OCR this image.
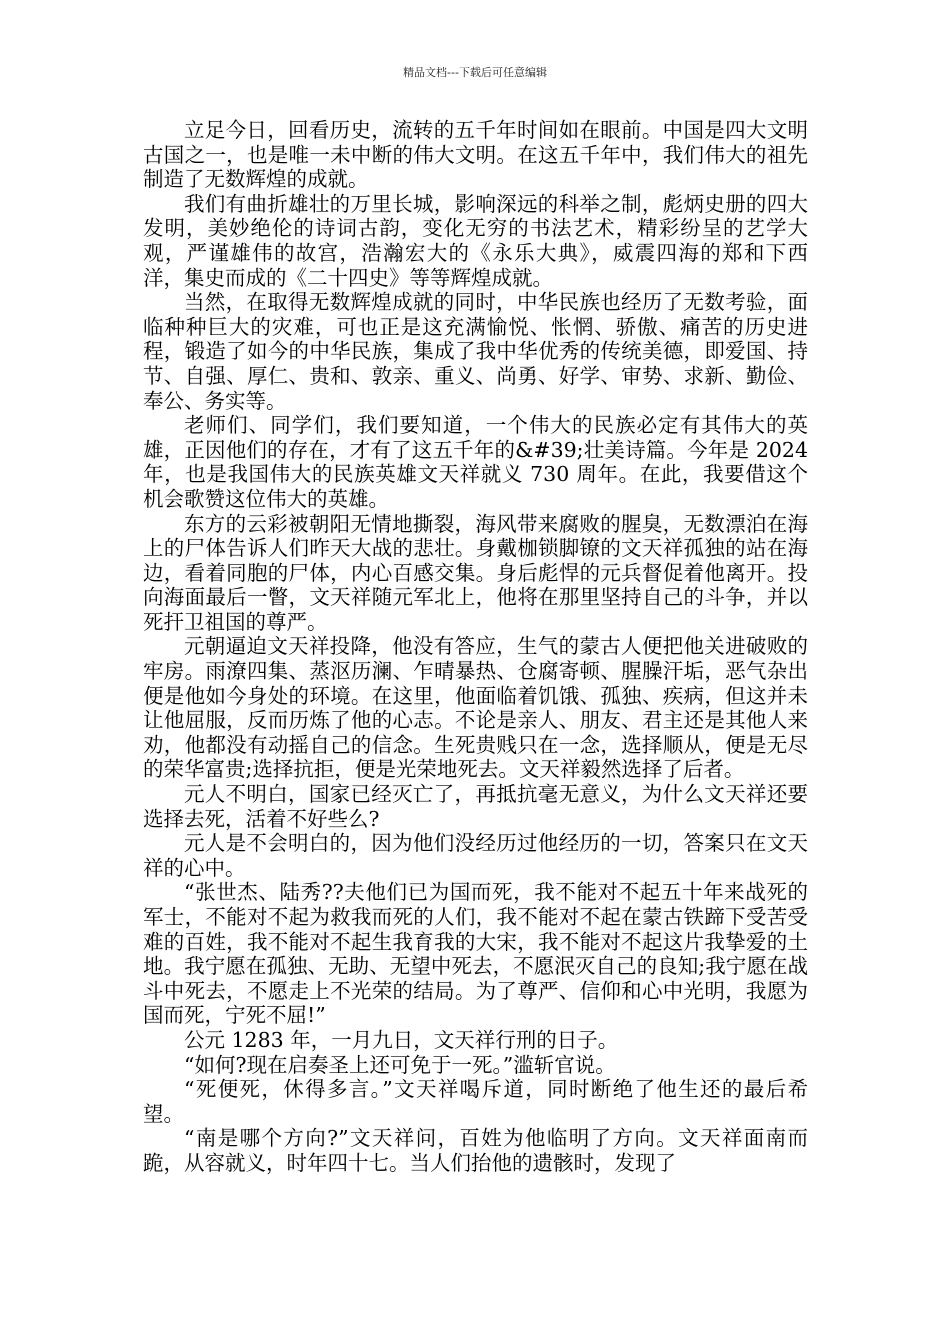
精品文档---下载后可任意编辑

立足今日，回看历史，流转的五千年时间如在眼前。中国是四大文明古国之一，也是唯一未中断的伟大文明。在这五千年中，我们伟大的祖先制造了无数辉煌的成就。

我们有曲折雄壮的万里长城，影响深远的科举之制，彪炳史册的四大发明，美妙绝伦的诗词古韵，变化无穷的书法艺术，精彩纷呈的艺学大观，严谨雄伟的故宫，浩瀚宏大的《永乐大典》，威震四海的郑和下西洋，集史而成的《二十四史》等等辉煌成就。

当然，在取得无数辉煌成就的同时，中华民族也经历了无数考验，面临种种巨大的灾难，可也正是这充满愉悦、怅惘、骄傲、痛苦的历史进程，锻造了如今的中华民族，集成了我中华优秀的传统美德，即爱国、持节、自强、厚仁、贵和、敦亲、重义、尚勇、好学、审势、求新、勤俭、奉公、务实等。

老师们、同学们，我们要知道，一个伟大的民族必定有其伟大的英雄，正因他们的存在，才有了这五千年的&#39;壮美诗篇。今年是 2024 年，也是我国伟大的民族英雄文天祥就义 730 周年。在此，我要借这个机会歌赞这位伟大的英雄。

东方的云彩被朝阳无情地撕裂，海风带来腐败的腥臭，无数漂泊在海上的尸体告诉人们昨天大战的悲壮。身戴枷锁脚镣的文天祥孤独的站在海边，看着同胞的尸体，内心百感交集。身后彪悍的元兵督促着他离开。投向海面最后一瞥，文天祥随元军北上，他将在那里坚持自己的斗争，并以死扞卫祖国的尊严。

元朝逼迫文天祥投降，他没有答应，生气的蒙古人便把他关进破败的牢房。雨潦四集、蒸沤历澜、乍晴暴热、仓腐寄顿、腥臊汗垢，恶气杂出便是他如今身处的环境。在这里，他面临着饥饿、孤独、疾病，但这并未让他屈服，反而历炼了他的心志。不论是亲人、朋友、君主还是其他人来劝，他都没有动摇自己的信念。生死贵贱只在一念，选择顺从，便是无尽的荣华富贵;选择抗拒，便是光荣地死去。文天祥毅然选择了后者。

元人不明白，国家已经灭亡了，再抵抗毫无意义，为什么文天祥还要选择去死，活着不好些么?

元人是不会明白的，因为他们没经历过他经历的一切，答案只在文天祥的心中。

“张世杰、陆秀??夫他们已为国而死，我不能对不起五十年来战死的军士，不能对不起为救我而死的人们，我不能对不起在蒙古铁蹄下受苦受难的百姓，我不能对不起生我育我的大宋，我不能对不起这片我挚爱的土地。我宁愿在孤独、无助、无望中死去，不愿泯灭自己的良知;我宁愿在战斗中死去，不愿走上不光荣的结局。为了尊严、信仰和心中光明，我愿为国而死，宁死不屈!”

公元 1283 年，一月九日，文天祥行刑的日子。

“如何?现在启奏圣上还可免于一死。”滥斩官说。

“死便死，休得多言。”文天祥喝斥道，同时断绝了他生还的最后希望。

“南是哪个方向?”文天祥问，百姓为他临明了方向。文天祥面南而跪，从容就义，时年四十七。当人们抬他的遗骸时，发现了
